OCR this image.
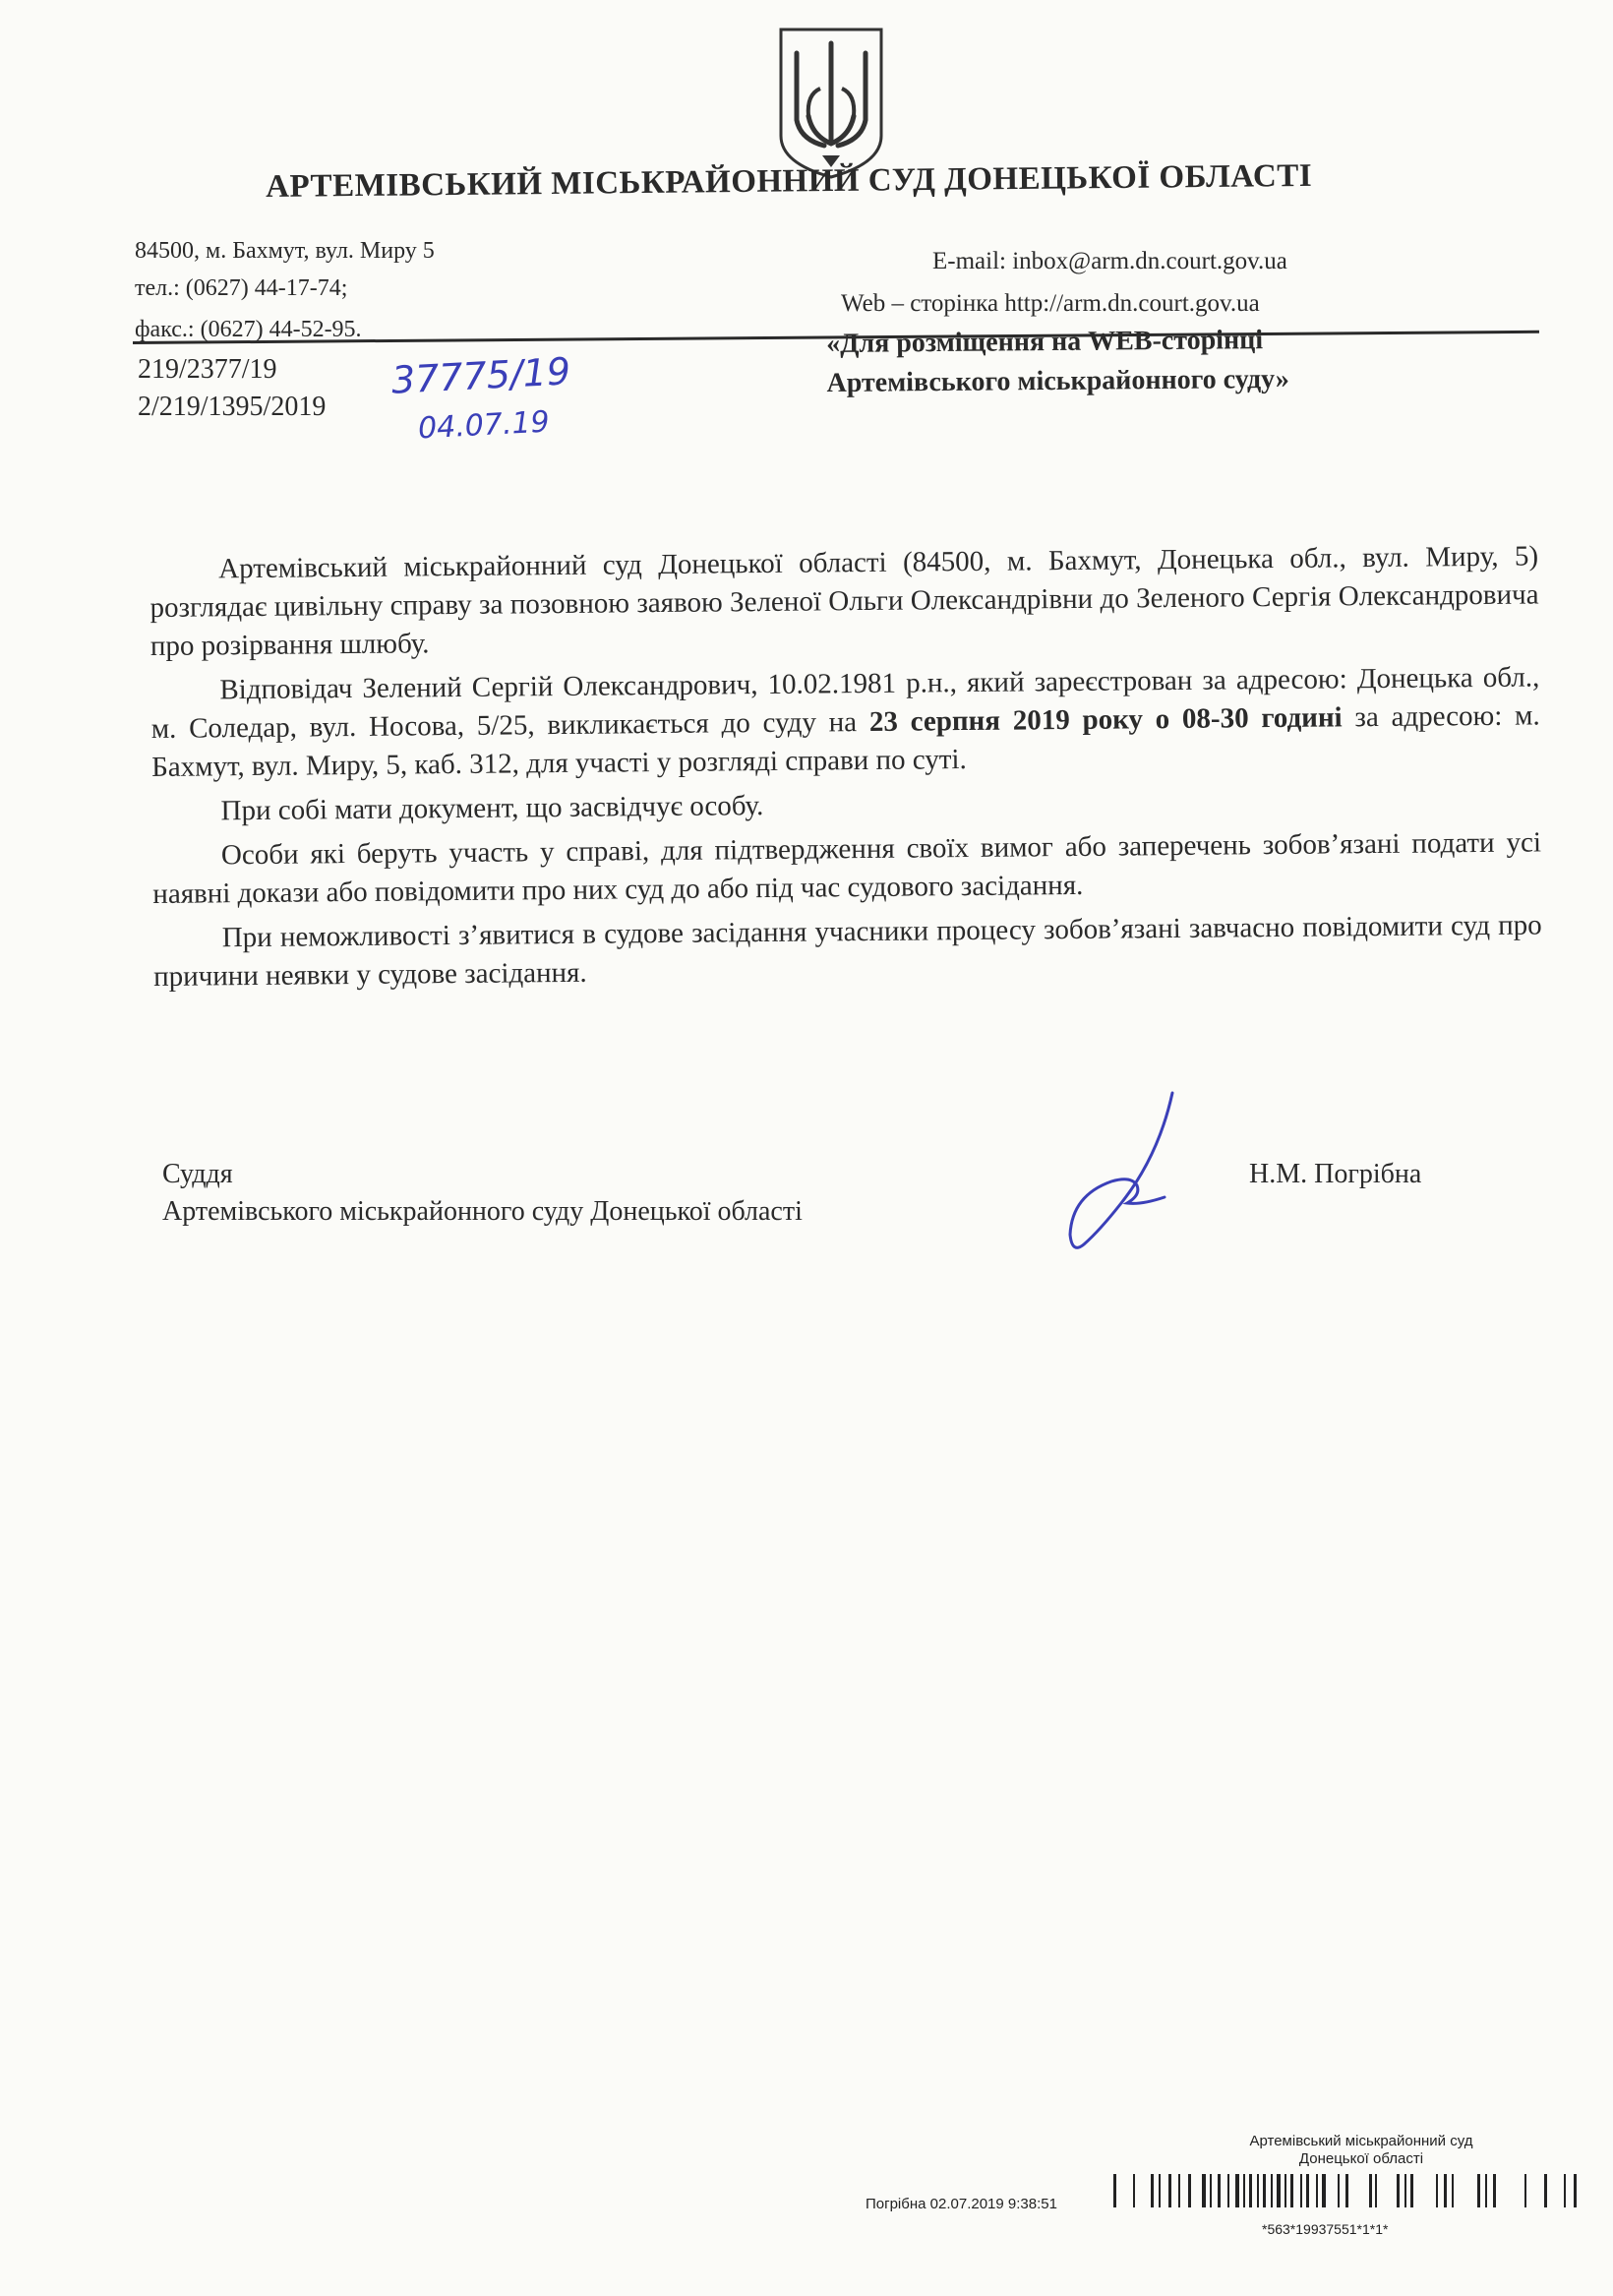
АРТЕМІВСЬКИЙ МІСЬКРАЙОННИЙ СУД ДОНЕЦЬКОЇ ОБЛАСТІ
84500, м. Бахмут, вул. Миру 5
тел.: (0627) 44-17-74;
факс.: (0627) 44-52-95.
E-mail: inbox@arm.dn.court.gov.ua
Web – сторінка http://arm.dn.court.gov.ua
219/2377/19
2/219/1395/2019
37775/19
04.07.19
«Для розміщення на WEB-сторінці
Артемівського міськрайонного суду»

Артемівський міськрайонний суд Донецької області (84500, м. Бахмут, Донецька обл., вул. Миру, 5) розглядає цивільну справу за позовною заявою Зеленої Ольги Олександрівни до Зеленого Сергія Олександровича про розірвання шлюбу.

Відповідач Зелений Сергій Олександрович, 10.02.1981 р.н., який зареєстрован за адресою: Донецька обл., м. Соледар, вул. Носова, 5/25, викликається до суду на 23 серпня 2019 року о 08-30 годині за адресою: м. Бахмут, вул. Миру, 5, каб. 312, для участі у розгляді справи по суті.

При собі мати документ, що засвідчує особу.

Особи які беруть участь у справі, для підтвердження своїх вимог або заперечень зобов’язані подати усі наявні докази або повідомити про них суд до або під час судового засідання.

При неможливості з’явитися в судове засідання учасники процесу зобов’язані завчасно повідомити суд про причини неявки у судове засідання.

Суддя
Артемівського міськрайонного суду Донецької області
Н.М. Погрібна
Артемівський міськрайонний суд
Донецької області
Погрібна 02.07.2019 9:38:51
*563*19937551*1*1*
